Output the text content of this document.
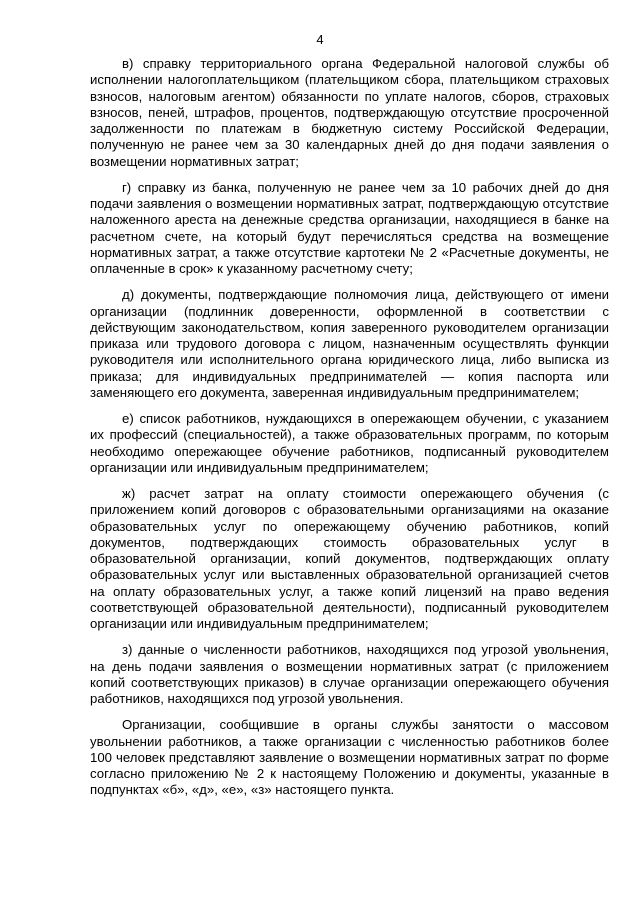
4

в) справку территориального органа Федеральной налоговой службы об исполнении налогоплательщиком (плательщиком сбора, плательщиком страховых взносов, налоговым агентом) обязанности по уплате налогов, сборов, страховых взносов, пеней, штрафов, процентов, подтверждающую отсутствие просроченной задолженности по платежам в бюджетную систему Российской Федерации, полученную не ранее чем за 30 календарных дней до дня подачи заявления о возмещении нормативных затрат;

г) справку из банка, полученную не ранее чем за 10 рабочих дней до дня подачи заявления о возмещении нормативных затрат, подтверждающую отсутствие наложенного ареста на денежные средства организации, находящиеся в банке на расчетном счете, на который будут перечисляться средства на возмещение нормативных затрат, а также отсутствие картотеки № 2 «Расчетные документы, не оплаченные в срок» к указанному расчетному счету;

д) документы, подтверждающие полномочия лица, действующего от имени организации (подлинник доверенности, оформленной в соответствии с действующим законодательством, копия заверенного руководителем организации приказа или трудового договора с лицом, назначенным осуществлять функции руководителя или исполнительного органа юридического лица, либо выписка из приказа; для индивидуальных предпринимателей — копия паспорта или заменяющего его документа, заверенная индивидуальным предпринимателем;

е) список работников, нуждающихся в опережающем обучении, с указанием их профессий (специальностей), а также образовательных программ, по которым необходимо опережающее обучение работников, подписанный руководителем организации или индивидуальным предпринимателем;

ж) расчет затрат на оплату стоимости опережающего обучения (с приложением копий договоров с образовательными организациями на оказание образовательных услуг по опережающему обучению работников, копий документов, подтверждающих стоимость образовательных услуг в образовательной организации, копий документов, подтверждающих оплату образовательных услуг или выставленных образовательной организацией счетов на оплату образовательных услуг, а также копий лицензий на право ведения соответствующей образовательной деятельности), подписанный руководителем организации или индивидуальным предпринимателем;

з) данные о численности работников, находящихся под угрозой увольнения, на день подачи заявления о возмещении нормативных затрат (с приложением копий соответствующих приказов) в случае организации опережающего обучения работников, находящихся под угрозой увольнения.

Организации, сообщившие в органы службы занятости о массовом увольнении работников, а также организации с численностью работников более 100 человек представляют заявление о возмещении нормативных затрат по форме согласно приложению № 2 к настоящему Положению и документы, указанные в подпунктах «б», «д», «е», «з» настоящего пункта.
